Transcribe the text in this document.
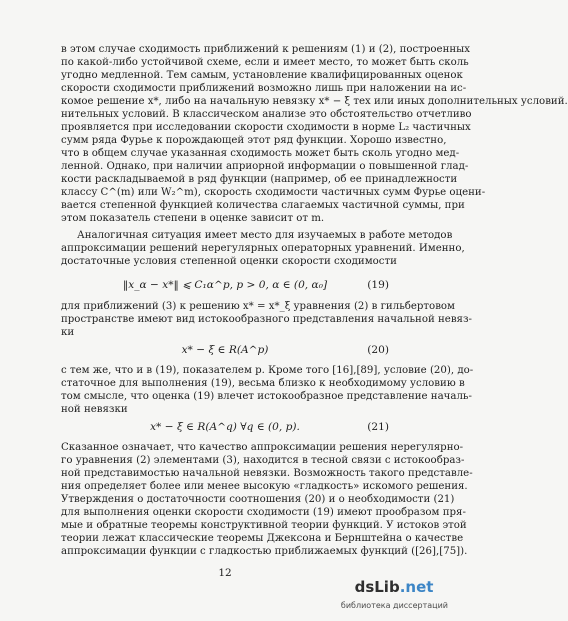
в этом случае сходимость приближений к решениям (1) и (2), построенных
по какой-либо устойчивой схеме, если и имеет место, то может быть сколь
угодно медленной. Тем самым, установление квалифицированных оценок
скорости сходимости приближений возможно лишь при наложении на ис-
комое решение x*, либо на начальную невязку x* − ξ тех или иных дополнительных условий.
нительных условий. В классическом анализе это обстоятельство отчетливо
проявляется при исследовании скорости сходимости в норме L₂ частичных
сумм ряда Фурье к порождающей этот ряд функции. Хорошо известно,
что в общем случае указанная сходимость может быть сколь угодно мед-
ленной. Однако, при наличии априорной информации о повышенной глад-
кости раскладываемой в ряд функции (например, об ее принадлежности
классу C^(m) или W₂^m), скорость сходимости частичных сумм Фурье оцени-
вается степенной функцией количества слагаемых частичной суммы, при
этом показатель степени в оценке зависит от m.
Аналогичная ситуация имеет место для изучаемых в работе методов
аппроксимации решений нерегулярных операторных уравнений. Именно,
достаточные условия степенной оценки скорости сходимости
‖x_α − x*‖ ⩽ C₁α^p, p > 0, α ∈ (0, α₀]	(19)
для приближений (3) к решению x* = x*_ξ уравнения (2) в гильбертовом
пространстве имеют вид истокообразного представления начальной невяз-
ки
x* − ξ ∈ R(A^p)	(20)
с тем же, что и в (19), показателем p. Кроме того [16],[89], условие (20), до-
статочное для выполнения (19), весьма близко к необходимому условию в
том смысле, что оценка (19) влечет истокообразное представление началь-
ной невязки
x* − ξ ∈ R(A^q) ∀q ∈ (0, p).	(21)
Сказанное означает, что качество аппроксимации решения нерегулярно-
го уравнения (2) элементами (3), находится в тесной связи с истокообраз-
ной представимостью начальной невязки. Возможность такого представле-
ния определяет более или менее высокую «гладкость» искомого решения.
Утверждения о достаточности соотношения (20) и о необходимости (21)
для выполнения оценки скорости сходимости (19) имеют прообразом пря-
мые и обратные теоремы конструктивной теории функций. У истоков этой
теории лежат классические теоремы Джексона и Бернштейна о качестве
аппроксимации функции с гладкостью приближаемых функций ([26],[75]).
12
dsLib.net
библиотека диссертаций
